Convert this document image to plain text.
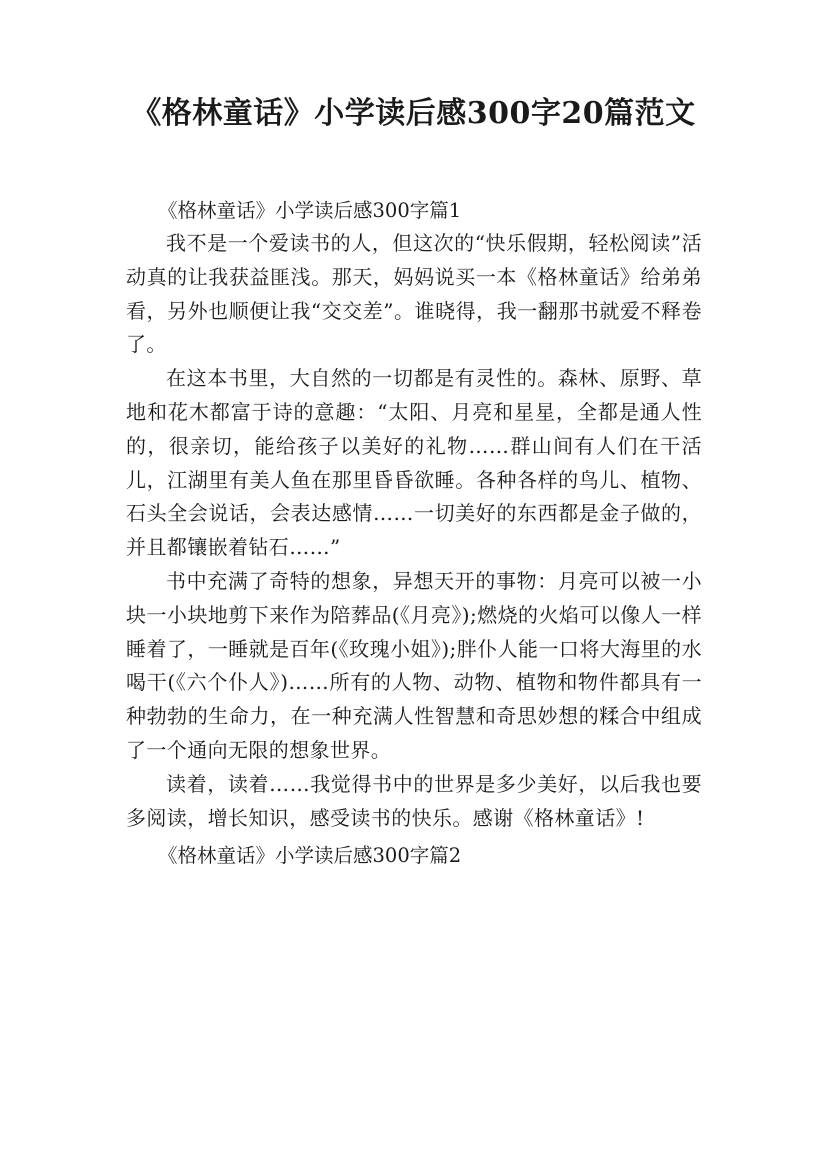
《格林童话》小学读后感300字20篇范文

《格林童话》小学读后感300字篇1

我不是一个爱读书的人，但这次的“快乐假期，轻松阅读”活动真的让我获益匪浅。那天，妈妈说买一本《格林童话》给弟弟看，另外也顺便让我“交交差”。谁晓得，我一翻那书就爱不释卷了。

在这本书里，大自然的一切都是有灵性的。森林、原野、草地和花木都富于诗的意趣：“太阳、月亮和星星，全都是通人性的，很亲切，能给孩子以美好的礼物……群山间有人们在干活儿，江湖里有美人鱼在那里昏昏欲睡。各种各样的鸟儿、植物、石头全会说话，会表达感情……一切美好的东西都是金子做的，并且都镶嵌着钻石……”

书中充满了奇特的想象，异想天开的事物：月亮可以被一小块一小块地剪下来作为陪葬品(《月亮》);燃烧的火焰可以像人一样睡着了，一睡就是百年(《玫瑰小姐》);胖仆人能一口将大海里的水喝干(《六个仆人》)……所有的人物、动物、植物和物件都具有一种勃勃的生命力，在一种充满人性智慧和奇思妙想的糅合中组成了一个通向无限的想象世界。

读着，读着……我觉得书中的世界是多少美好，以后我也要多阅读，增长知识，感受读书的快乐。感谢《格林童话》!

《格林童话》小学读后感300字篇2
